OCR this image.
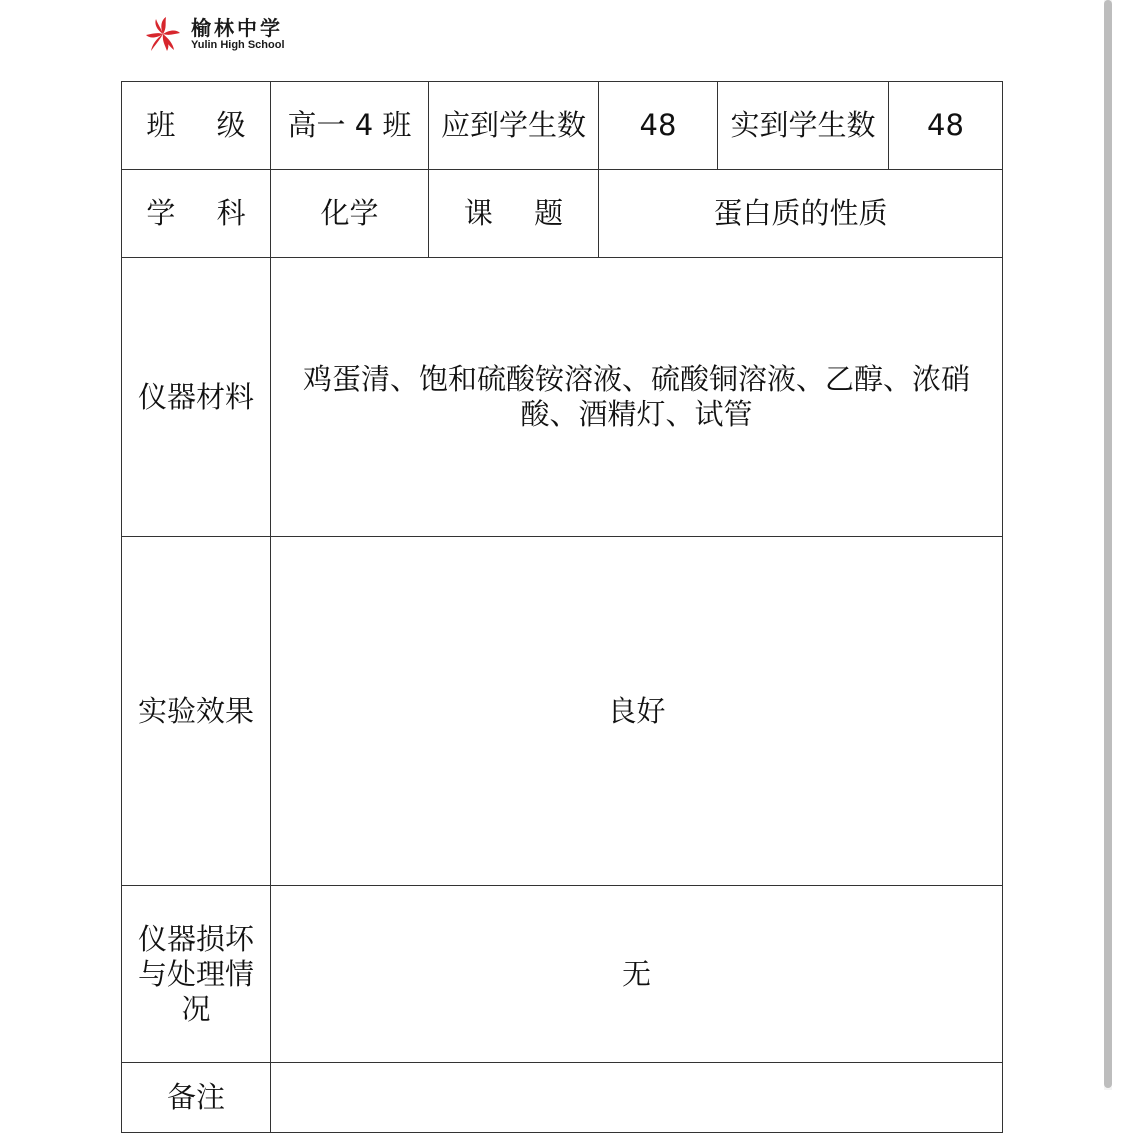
榆林中学
Yulin High School
班 级	高一 4 班	应到学生数	48	实到学生数	48
学 科	化学	课 题	蛋白质的性质		
仪器材料	鸡蛋清、饱和硫酸铵溶液、硫酸铜溶液、乙醇、浓硝酸、酒精灯、试管				
实验效果	良好				
仪器损坏与处理情况	无				
备注					
